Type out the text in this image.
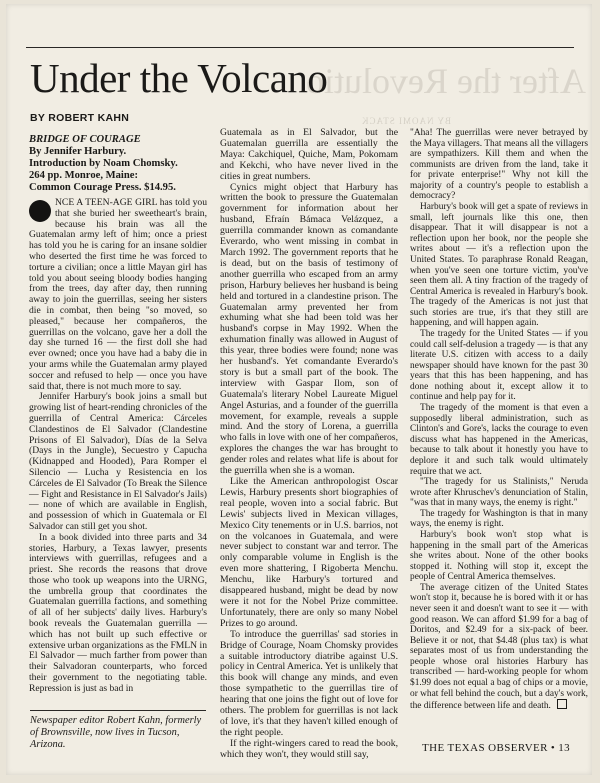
After the Revolutio
BY NAOMI STACK
Under the Volcano
BY ROBERT KAHN
BRIDGE OF COURAGE
By Jennifer Harbury.
Introduction by Noam Chomsky.
264 pp. Monroe, Maine:
Common Courage Press. $14.95.

NCE A TEEN-AGE GIRL has told you that she buried her sweetheart's brain, because his brain was all the Guatemalan army left of him; once a priest has told you he is caring for an insane soldier who deserted the first time he was forced to torture a civilian; once a little Mayan girl has told you about seeing bloody bodies hanging from the trees, day after day, then running away to join the guerrillas, seeing her sisters die in combat, then being "so moved, so pleased," because her compañeros, the guerrillas on the volcano, gave her a doll the day she turned 16 — the first doll she had ever owned; once you have had a baby die in your arms while the Guatemalan army played soccer and refused to help — once you have said that, there is not much more to say.

Jennifer Harbury's book joins a small but growing list of heart-rending chronicles of the guerrilla of Central America: Cárceles Clandestinos de El Salvador (Clandestine Prisons of El Salvador), Días de la Selva (Days in the Jungle), Secuestro y Capucha (Kidnapped and Hooded), Para Romper el Silencio — Lucha y Resistencia en los Cárceles de El Salvador (To Break the Silence — Fight and Resistance in El Salvador's Jails) — none of which are available in English, and possession of which in Guatemala or El Salvador can still get you shot.

In a book divided into three parts and 34 stories, Harbury, a Texas lawyer, presents interviews with guerrillas, refugees and a priest. She records the reasons that drove those who took up weapons into the URNG, the umbrella group that coordinates the Guatemalan guerrilla factions, and something of all of her subjects' daily lives. Harbury's book reveals the Guatemalan guerrilla — which has not built up such effective or extensive urban organizations as the FMLN in El Salvador — much farther from power than their Salvadoran counterparts, who forced their government to the negotiating table. Repression is just as bad in

Guatemala as in El Salvador, but the Guatemalan guerrilla are essentially the Maya: Cakchiquel, Quiche, Mam, Pokomam and Kekchi, who have never lived in the cities in great numbers.

Cynics might object that Harbury has written the book to pressure the Guatemalan government for information about her husband, Efraín Bámaca Velázquez, a guerrilla commander known as comandante Everardo, who went missing in combat in March 1992. The government reports that he is dead, but on the basis of testimony of another guerrilla who escaped from an army prison, Harbury believes her husband is being held and tortured in a clandestine prison. The Guatemalan army prevented her from exhuming what she had been told was her husband's corpse in May 1992. When the exhumation finally was allowed in August of this year, three bodies were found; none was her husband's. Yet comandante Everardo's story is but a small part of the book. The interview with Gaspar Ilom, son of Guatemala's literary Nobel Laureate Miguel Angel Asturias, and a founder of the guerrilla movement, for example, reveals a supple mind. And the story of Lorena, a guerrilla who falls in love with one of her compañeros, explores the changes the war has brought to gender roles and relates what life is about for the guerrilla when she is a woman.

Like the American anthropologist Oscar Lewis, Harbury presents short biographies of real people, woven into a social fabric. But Lewis' subjects lived in Mexican villages, Mexico City tenements or in U.S. barrios, not on the volcanoes in Guatemala, and were never subject to constant war and terror. The only comparable volume in English is the even more shattering, I Rigoberta Menchu. Menchu, like Harbury's tortured and disappeared husband, might be dead by now were it not for the Nobel Prize committee. Unfortunately, there are only so many Nobel Prizes to go around.

To introduce the guerrillas' sad stories in Bridge of Courage, Noam Chomsky provides a suitable introductory diatribe against U.S. policy in Central America. Yet is unlikely that this book will change any minds, and even those sympathetic to the guerrillas tire of hearing that one joins the fight out of love for others. The problem for guerrillas is not lack of love, it's that they haven't killed enough of the right people.

If the right-wingers cared to read the book, which they won't, they would still say,

"Aha! The guerrillas were never betrayed by the Maya villagers. That means all the villagers are sympathizers. Kill them and when the communists are driven from the land, take it for private enterprise!" Why not kill the majority of a country's people to establish a democracy?

Harbury's book will get a spate of reviews in small, left journals like this one, then disappear. That it will disappear is not a reflection upon her book, nor the people she writes about — it's a reflection upon the United States. To paraphrase Ronald Reagan, when you've seen one torture victim, you've seen them all. A tiny fraction of the tragedy of Central America is revealed in Harbury's book. The tragedy of the Americas is not just that such stories are true, it's that they still are happening, and will happen again.

The tragedy for the United States — if you could call self-delusion a tragedy — is that any literate U.S. citizen with access to a daily newspaper should have known for the past 30 years that this has been happening, and has done nothing about it, except allow it to continue and help pay for it.

The tragedy of the moment is that even a supposedly liberal administration, such as Clinton's and Gore's, lacks the courage to even discuss what has happened in the Americas, because to talk about it honestly you have to deplore it and such talk would ultimately require that we act.

"The tragedy for us Stalinists," Neruda wrote after Khruschev's denunciation of Stalin, "was that in many ways, the enemy is right."

The tragedy for Washington is that in many ways, the enemy is right.

Harbury's book won't stop what is happening in the small part of the Americas she writes about. None of the other books stopped it. Nothing will stop it, except the people of Central America themselves.

The average citizen of the United States won't stop it, because he is bored with it or has never seen it and doesn't want to see it — with good reason. We can afford $1.99 for a bag of Doritos, and $2.49 for a six-pack of beer. Believe it or not, that $4.48 (plus tax) is what separates most of us from understanding the people whose oral histories Harbury has transcribed — hard-working people for whom $1.99 does not equal a bag of chips or a movie, or what fell behind the couch, but a day's work, the difference between life and death.

Newspaper editor Robert Kahn, formerly of Brownsville, now lives in Tucson, Arizona.	THE TEXAS OBSERVER • 13
